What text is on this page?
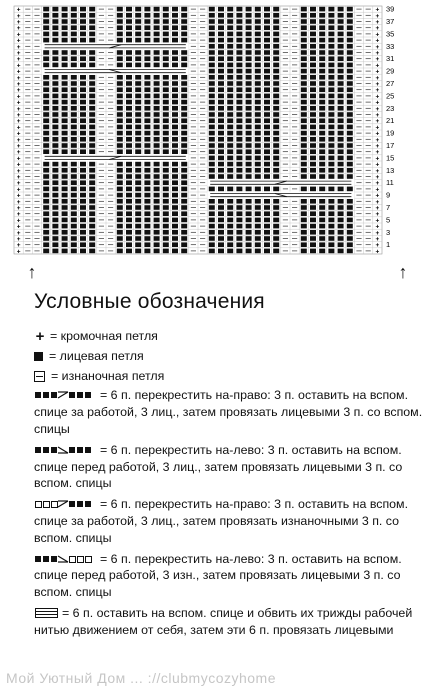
+	+
+	+
+	+
+	+
+	+
+	+
+	+
+	+
+	+
+	+
+	+
+	+
+	+
+	+
+	+
+	+
+	+
+	+
+	+
+	+
+	+
+	+
+	+
+	+
+	+
+	+
+	+
+	+
+	+
+	+
+	+
+	+
+	+
+	+
+	+
+	+
+	+
+	+
+	+
+	+
39
37
35
33
31
29
27
25
23
21
19
17
15
13
11
9
7
5
3
1
↑	↑
Условные обозначения
+ = кромочная петля
= лицевая петля
= изнаночная петля
= 6 п. перекрестить на-право: 3 п. оставить на вспом. спице за работой, 3 лиц., затем провязать лицевыми 3 п. со вспом. спицы
= 6 п. перекрестить на-лево: 3 п. оставить на вспом. спице перед работой, 3 лиц., затем провязать лицевыми 3 п. со вспом. спицы
= 6 п. перекрестить на-право: 3 п. оставить на вспом. спице за работой, 3 лиц., затем провязать изнаночными 3 п. со вспом. спицы
= 6 п. перекрестить на-лево: 3 п. оставить на вспом. спице перед работой, 3 изн., затем провязать лицевыми 3 п. со вспом. спицы
= 6 п. оставить на вспом. спице и обвить их трижды рабочей нитью движением от себя, затем эти 6 п. провязать лицевыми
Мой Уютный Дом ... ://clubmycozyhome
